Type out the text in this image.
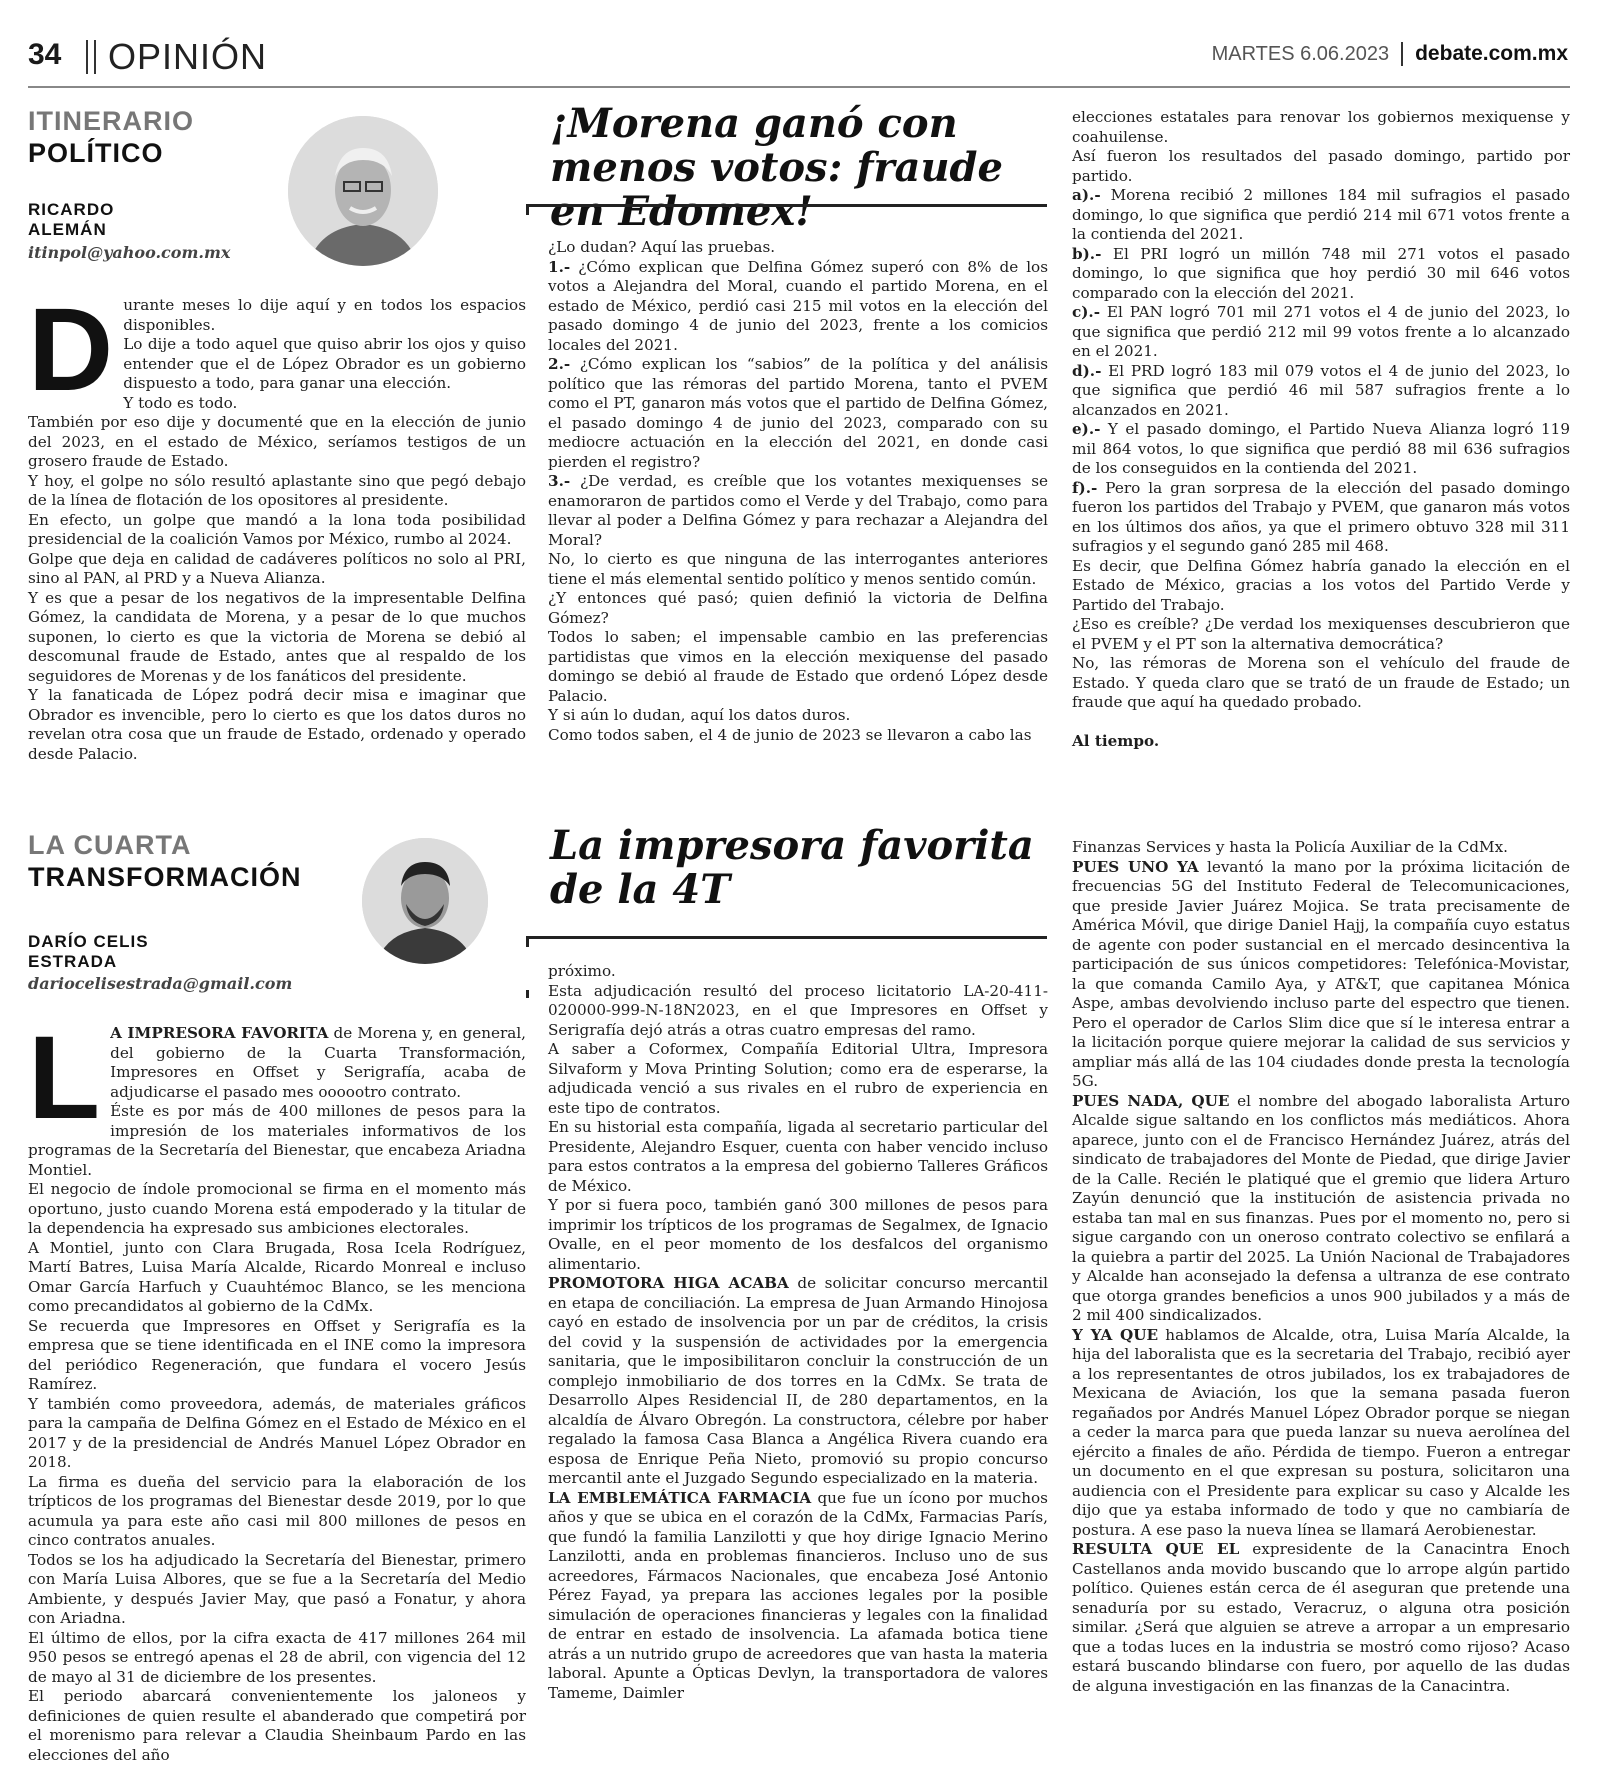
34 OPINIÓN	MARTES 6.06.2023 debate.com.mx
ITINERARIO
POLÍTICO
RICARDO
ALEMÁN
itinpol@yahoo.com.mx
¡Morena ganó con menos votos: fraude en Edomex!
D urante meses lo dije aquí y en todos los espacios disponibles.

Lo dije a todo aquel que quiso abrir los ojos y quiso entender que el de López Obrador es un gobierno dispuesto a todo, para ganar una elección.

Y todo es todo.

También por eso dije y documenté que en la elección de junio del 2023, en el estado de México, seríamos testigos de un grosero fraude de Estado.

Y hoy, el golpe no sólo resultó aplastante sino que pegó debajo de la línea de flotación de los opositores al presidente.

En efecto, un golpe que mandó a la lona toda posibilidad presidencial de la coalición Vamos por México, rumbo al 2024.

Golpe que deja en calidad de cadáveres políticos no solo al PRI, sino al PAN, al PRD y a Nueva Alianza.

Y es que a pesar de los negativos de la impresentable Delfina Gómez, la candidata de Morena, y a pesar de lo que muchos suponen, lo cierto es que la victoria de Morena se debió al descomunal fraude de Estado, antes que al respaldo de los seguidores de Morenas y de los fanáticos del presidente.

Y la fanaticada de López podrá decir misa e imaginar que Obrador es invencible, pero lo cierto es que los datos duros no revelan otra cosa que un fraude de Estado, ordenado y operado desde Palacio.

¿Lo dudan? Aquí las pruebas.

1.- ¿Cómo explican que Delfina Gómez superó con 8% de los votos a Alejandra del Moral, cuando el partido Morena, en el estado de México, perdió casi 215 mil votos en la elección del pasado domingo 4 de junio del 2023, frente a los comicios locales del 2021.

2.- ¿Cómo explican los “sabios” de la política y del análisis político que las rémoras del partido Morena, tanto el PVEM como el PT, ganaron más votos que el partido de Delfina Gómez, el pasado domingo 4 de junio del 2023, comparado con su mediocre actuación en la elección del 2021, en donde casi pierden el registro?

3.- ¿De verdad, es creíble que los votantes mexiquenses se enamoraron de partidos como el Verde y del Trabajo, como para llevar al poder a Delfina Gómez y para rechazar a Alejandra del Moral?

No, lo cierto es que ninguna de las interrogantes anteriores tiene el más elemental sentido político y menos sentido común.

¿Y entonces qué pasó; quien definió la victoria de Delfina Gómez?

Todos lo saben; el impensable cambio en las preferencias partidistas que vimos en la elección mexiquense del pasado domingo se debió al fraude de Estado que ordenó López desde Palacio.

Y si aún lo dudan, aquí los datos duros.

Como todos saben, el 4 de junio de 2023 se llevaron a cabo las

elecciones estatales para renovar los gobiernos mexiquense y coahuilense.

Así fueron los resultados del pasado domingo, partido por partido.

a).- Morena recibió 2 millones 184 mil sufragios el pasado domingo, lo que significa que perdió 214 mil 671 votos frente a la contienda del 2021.

b).- El PRI logró un millón 748 mil 271 votos el pasado domingo, lo que significa que hoy perdió 30 mil 646 votos comparado con la elección del 2021.

c).- El PAN logró 701 mil 271 votos el 4 de junio del 2023, lo que significa que perdió 212 mil 99 votos frente a lo alcanzado en el 2021.

d).- El PRD logró 183 mil 079 votos el 4 de junio del 2023, lo que significa que perdió 46 mil 587 sufragios frente a lo alcanzados en 2021.

e).- Y el pasado domingo, el Partido Nueva Alianza logró 119 mil 864 votos, lo que significa que perdió 88 mil 636 sufragios de los conseguidos en la contienda del 2021.

f).- Pero la gran sorpresa de la elección del pasado domingo fueron los partidos del Trabajo y PVEM, que ganaron más votos en los últimos dos años, ya que el primero obtuvo 328 mil 311 sufragios y el segundo ganó 285 mil 468.

Es decir, que Delfina Gómez habría ganado la elección en el Estado de México, gracias a los votos del Partido Verde y Partido del Trabajo.

¿Eso es creíble? ¿De verdad los mexiquenses descubrieron que el PVEM y el PT son la alternativa democrática?

No, las rémoras de Morena son el vehículo del fraude de Estado. Y queda claro que se trató de un fraude de Estado; un fraude que aquí ha quedado probado.

Al tiempo.

LA CUARTA
TRANSFORMACIÓN
DARÍO CELIS
ESTRADA
dariocelisestrada@gmail.com
La impresora favorita de la 4T
L A IMPRESORA FAVORITA de Morena y, en general, del gobierno de la Cuarta Transformación, Impresores en Offset y Serigrafía, acaba de adjudicarse el pasado mes oooootro contrato.

Éste es por más de 400 millones de pesos para la impresión de los materiales informativos de los programas de la Secretaría del Bienestar, que encabeza Ariadna Montiel.

El negocio de índole promocional se firma en el momento más oportuno, justo cuando Morena está empoderado y la titular de la dependencia ha expresado sus ambiciones electorales.

A Montiel, junto con Clara Brugada, Rosa Icela Rodríguez, Martí Batres, Luisa María Alcalde, Ricardo Monreal e incluso Omar García Harfuch y Cuauhtémoc Blanco, se les menciona como precandidatos al gobierno de la CdMx.

Se recuerda que Impresores en Offset y Serigrafía es la empresa que se tiene identificada en el INE como la impresora del periódico Regeneración, que fundara el vocero Jesús Ramírez.

Y también como proveedora, además, de materiales gráficos para la campaña de Delfina Gómez en el Estado de México en el 2017 y de la presidencial de Andrés Manuel López Obrador en 2018.

La firma es dueña del servicio para la elaboración de los trípticos de los programas del Bienestar desde 2019, por lo que acumula ya para este año casi mil 800 millones de pesos en cinco contratos anuales.

Todos se los ha adjudicado la Secretaría del Bienestar, primero con María Luisa Albores, que se fue a la Secretaría del Medio Ambiente, y después Javier May, que pasó a Fonatur, y ahora con Ariadna.

El último de ellos, por la cifra exacta de 417 millones 264 mil 950 pesos se entregó apenas el 28 de abril, con vigencia del 12 de mayo al 31 de diciembre de los presentes.

El periodo abarcará convenientemente los jaloneos y definiciones de quien resulte el abanderado que competirá por el morenismo para relevar a Claudia Sheinbaum Pardo en las elecciones del año

próximo.

Esta adjudicación resultó del proceso licitatorio LA-20-411-020000-999-N-18N2023, en el que Impresores en Offset y Serigrafía dejó atrás a otras cuatro empresas del ramo.

A saber a Coformex, Compañía Editorial Ultra, Impresora Silvaform y Mova Printing Solution; como era de esperarse, la adjudicada venció a sus rivales en el rubro de experiencia en este tipo de contratos.

En su historial esta compañía, ligada al secretario particular del Presidente, Alejandro Esquer, cuenta con haber vencido incluso para estos contratos a la empresa del gobierno Talleres Gráficos de México.

Y por si fuera poco, también ganó 300 millones de pesos para imprimir los trípticos de los programas de Segalmex, de Ignacio Ovalle, en el peor momento de los desfalcos del organismo alimentario.

PROMOTORA HIGA ACABA de solicitar concurso mercantil en etapa de conciliación. La empresa de Juan Armando Hinojosa cayó en estado de insolvencia por un par de créditos, la crisis del covid y la suspensión de actividades por la emergencia sanitaria, que le imposibilitaron concluir la construcción de un complejo inmobiliario de dos torres en la CdMx. Se trata de Desarrollo Alpes Residencial II, de 280 departamentos, en la alcaldía de Álvaro Obregón. La constructora, célebre por haber regalado la famosa Casa Blanca a Angélica Rivera cuando era esposa de Enrique Peña Nieto, promovió su propio concurso mercantil ante el Juzgado Segundo especializado en la materia.

LA EMBLEMÁTICA FARMACIA que fue un ícono por muchos años y que se ubica en el corazón de la CdMx, Farmacias París, que fundó la familia Lanzilotti y que hoy dirige Ignacio Merino Lanzilotti, anda en problemas financieros. Incluso uno de sus acreedores, Fármacos Nacionales, que encabeza José Antonio Pérez Fayad, ya prepara las acciones legales por la posible simulación de operaciones financieras y legales con la finalidad de entrar en estado de insolvencia. La afamada botica tiene atrás a un nutrido grupo de acreedores que van hasta la materia laboral. Apunte a Ópticas Devlyn, la transportadora de valores Tameme, Daimler

Finanzas Services y hasta la Policía Auxiliar de la CdMx.

PUES UNO YA levantó la mano por la próxima licitación de frecuencias 5G del Instituto Federal de Telecomunicaciones, que preside Javier Juárez Mojica. Se trata precisamente de América Móvil, que dirige Daniel Hajj, la compañía cuyo estatus de agente con poder sustancial en el mercado desincentiva la participación de sus únicos competidores: Telefónica-Movistar, la que comanda Camilo Aya, y AT&T, que capitanea Mónica Aspe, ambas devolviendo incluso parte del espectro que tienen. Pero el operador de Carlos Slim dice que sí le interesa entrar a la licitación porque quiere mejorar la calidad de sus servicios y ampliar más allá de las 104 ciudades donde presta la tecnología 5G.

PUES NADA, QUE el nombre del abogado laboralista Arturo Alcalde sigue saltando en los conflictos más mediáticos. Ahora aparece, junto con el de Francisco Hernández Juárez, atrás del sindicato de trabajadores del Monte de Piedad, que dirige Javier de la Calle. Recién le platiqué que el gremio que lidera Arturo Zayún denunció que la institución de asistencia privada no estaba tan mal en sus finanzas. Pues por el momento no, pero si sigue cargando con un oneroso contrato colectivo se enfilará a la quiebra a partir del 2025. La Unión Nacional de Trabajadores y Alcalde han aconsejado la defensa a ultranza de ese contrato que otorga grandes beneficios a unos 900 jubilados y a más de 2 mil 400 sindicalizados.

Y YA QUE hablamos de Alcalde, otra, Luisa María Alcalde, la hija del laboralista que es la secretaria del Trabajo, recibió ayer a los representantes de otros jubilados, los ex trabajadores de Mexicana de Aviación, los que la semana pasada fueron regañados por Andrés Manuel López Obrador porque se niegan a ceder la marca para que pueda lanzar su nueva aerolínea del ejército a finales de año. Pérdida de tiempo. Fueron a entregar un documento en el que expresan su postura, solicitaron una audiencia con el Presidente para explicar su caso y Alcalde les dijo que ya estaba informado de todo y que no cambiaría de postura. A ese paso la nueva línea se llamará Aerobienestar.

RESULTA QUE EL expresidente de la Canacintra Enoch Castellanos anda movido buscando que lo arrope algún partido político. Quienes están cerca de él aseguran que pretende una senaduría por su estado, Veracruz, o alguna otra posición similar. ¿Será que alguien se atreve a arropar a un empresario que a todas luces en la industria se mostró como rijoso? Acaso estará buscando blindarse con fuero, por aquello de las dudas de alguna investigación en las finanzas de la Canacintra.
